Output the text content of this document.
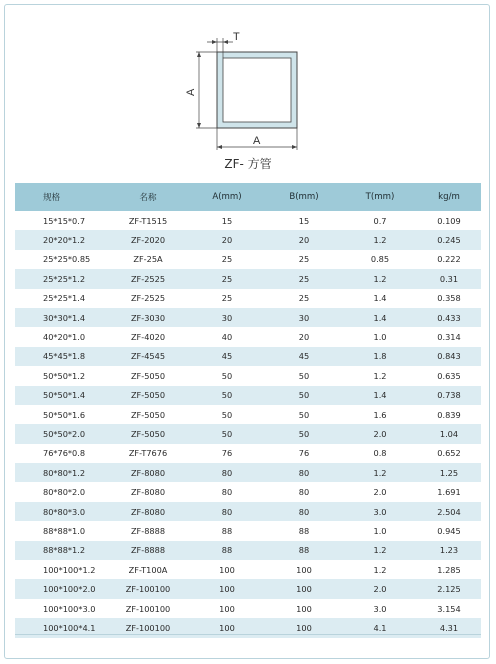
T
A
A
ZF- 方管
规格	名称	A(mm)	B(mm)	T(mm)	kg/m
15*15*0.7	ZF-T1515	15	15	0.7	0.109
20*20*1.2	ZF-2020	20	20	1.2	0.245
25*25*0.85	ZF-25A	25	25	0.85	0.222
25*25*1.2	ZF-2525	25	25	1.2	0.31
25*25*1.4	ZF-2525	25	25	1.4	0.358
30*30*1.4	ZF-3030	30	30	1.4	0.433
40*20*1.0	ZF-4020	40	20	1.0	0.314
45*45*1.8	ZF-4545	45	45	1.8	0.843
50*50*1.2	ZF-5050	50	50	1.2	0.635
50*50*1.4	ZF-5050	50	50	1.4	0.738
50*50*1.6	ZF-5050	50	50	1.6	0.839
50*50*2.0	ZF-5050	50	50	2.0	1.04
76*76*0.8	ZF-T7676	76	76	0.8	0.652
80*80*1.2	ZF-8080	80	80	1.2	1.25
80*80*2.0	ZF-8080	80	80	2.0	1.691
80*80*3.0	ZF-8080	80	80	3.0	2.504
88*88*1.0	ZF-8888	88	88	1.0	0.945
88*88*1.2	ZF-8888	88	88	1.2	1.23
100*100*1.2	ZF-T100A	100	100	1.2	1.285
100*100*2.0	ZF-100100	100	100	2.0	2.125
100*100*3.0	ZF-100100	100	100	3.0	3.154
100*100*4.1	ZF-100100	100	100	4.1	4.31
